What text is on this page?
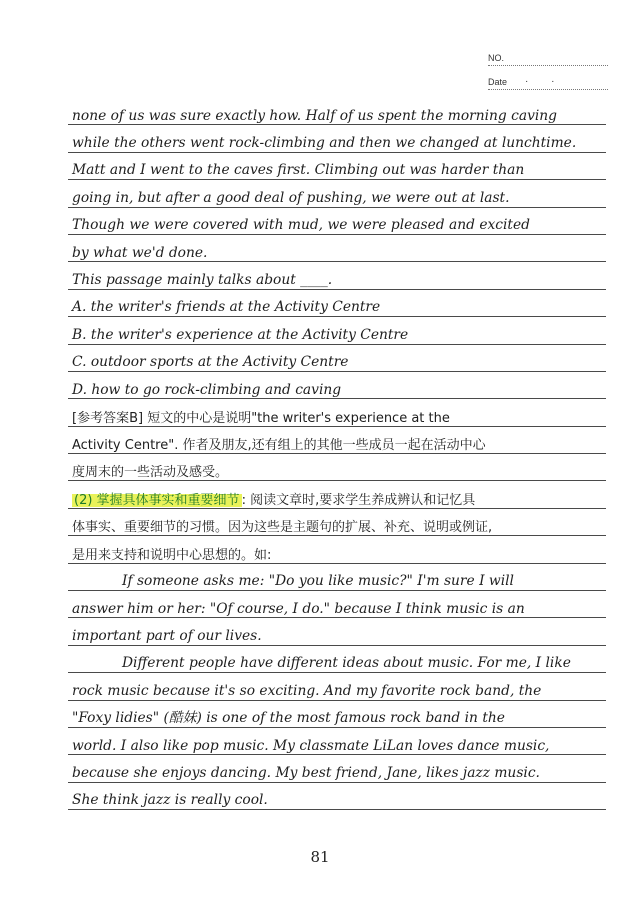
NO.
Date · ·
none of us was sure exactly how. Half of us spent the morning caving
while the others went rock-climbing and then we changed at lunchtime.
Matt and I went to the caves first. Climbing out was harder than
going in, but after a good deal of pushing, we were out at last.
Though we were covered with mud, we were pleased and excited
by what we'd done.
This passage mainly talks about ____.
A. the writer's friends at the Activity Centre
B. the writer's experience at the Activity Centre
C. outdoor sports at the Activity Centre
D. how to go rock-climbing and caving
[参考答案B] 短文的中心是说明"the writer's experience at the
Activity Centre". 作者及朋友,还有组上的其他一些成员一起在活动中心
度周末的一些活动及感受。
(2) 掌握具体事实和重要细节 : 阅读文章时,要求学生养成辨认和记忆具
体事实、重要细节的习惯。因为这些是主题句的扩展、补充、说明或例证,
是用来支持和说明中心思想的。如:
If someone asks me: "Do you like music?" I'm sure I will
answer him or her: "Of course, I do." because I think music is an
important part of our lives.
Different people have different ideas about music. For me, I like
rock music because it's so exciting. And my favorite rock band, the
"Foxy lidies" (酷妹) is one of the most famous rock band in the
world. I also like pop music. My classmate LiLan loves dance music,
because she enjoys dancing. My best friend, Jane, likes jazz music.
She think jazz is really cool.
81
